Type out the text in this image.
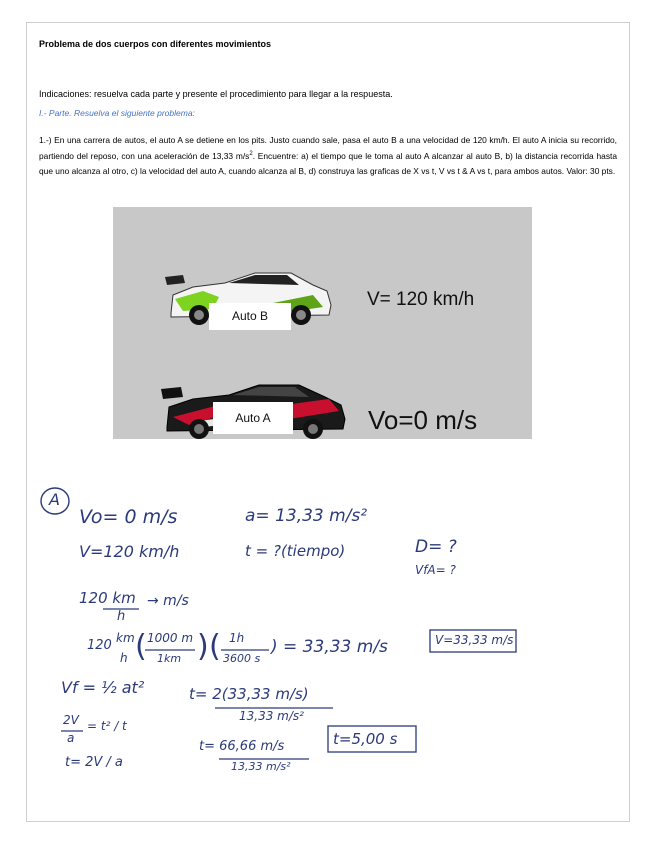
Problema de dos cuerpos con diferentes movimientos
Indicaciones: resuelva cada parte y presente el procedimiento para llegar a la respuesta.
I.- Parte. Resuelva el siguiente problema:
1.-) En una carrera de autos, el auto A se detiene en los pits. Justo cuando sale, pasa el auto B a una velocidad de 120 km/h. El auto A inicia su recorrido, partiendo del reposo, con una aceleración de 13,33 $m/s^2$. Encuentre: a) el tiempo que le toma al auto A alcanzar al auto B, b) la distancia recorrida hasta que uno alcanza al otro, c) la velocidad del auto A, cuando alcanza al B, d) construya las graficas de X vs t, V vs t & A vs t, para ambos autos. Valor: 30 pts.
Auto B
V= 120 km/h
Auto A	Vo=0 m/s
A
Vo= 0 m/s	a= 13,33 m/s²
V=120 km/h	t = ?(tiempo)	D= ?
VfA= ?
120 km
h
→ m/s
120 km
h ( 1000 m
1km ) ( 1h
3600 s
) = 33,33 m/s	V=33,33 m/s
Vf = ½ at²
2V
a
= t² / t
t= 2V / a
t= 2(33,33 m/s)
13,33 m/s²
t= 66,66 m/s
13,33 m/s²
t=5,00 s
